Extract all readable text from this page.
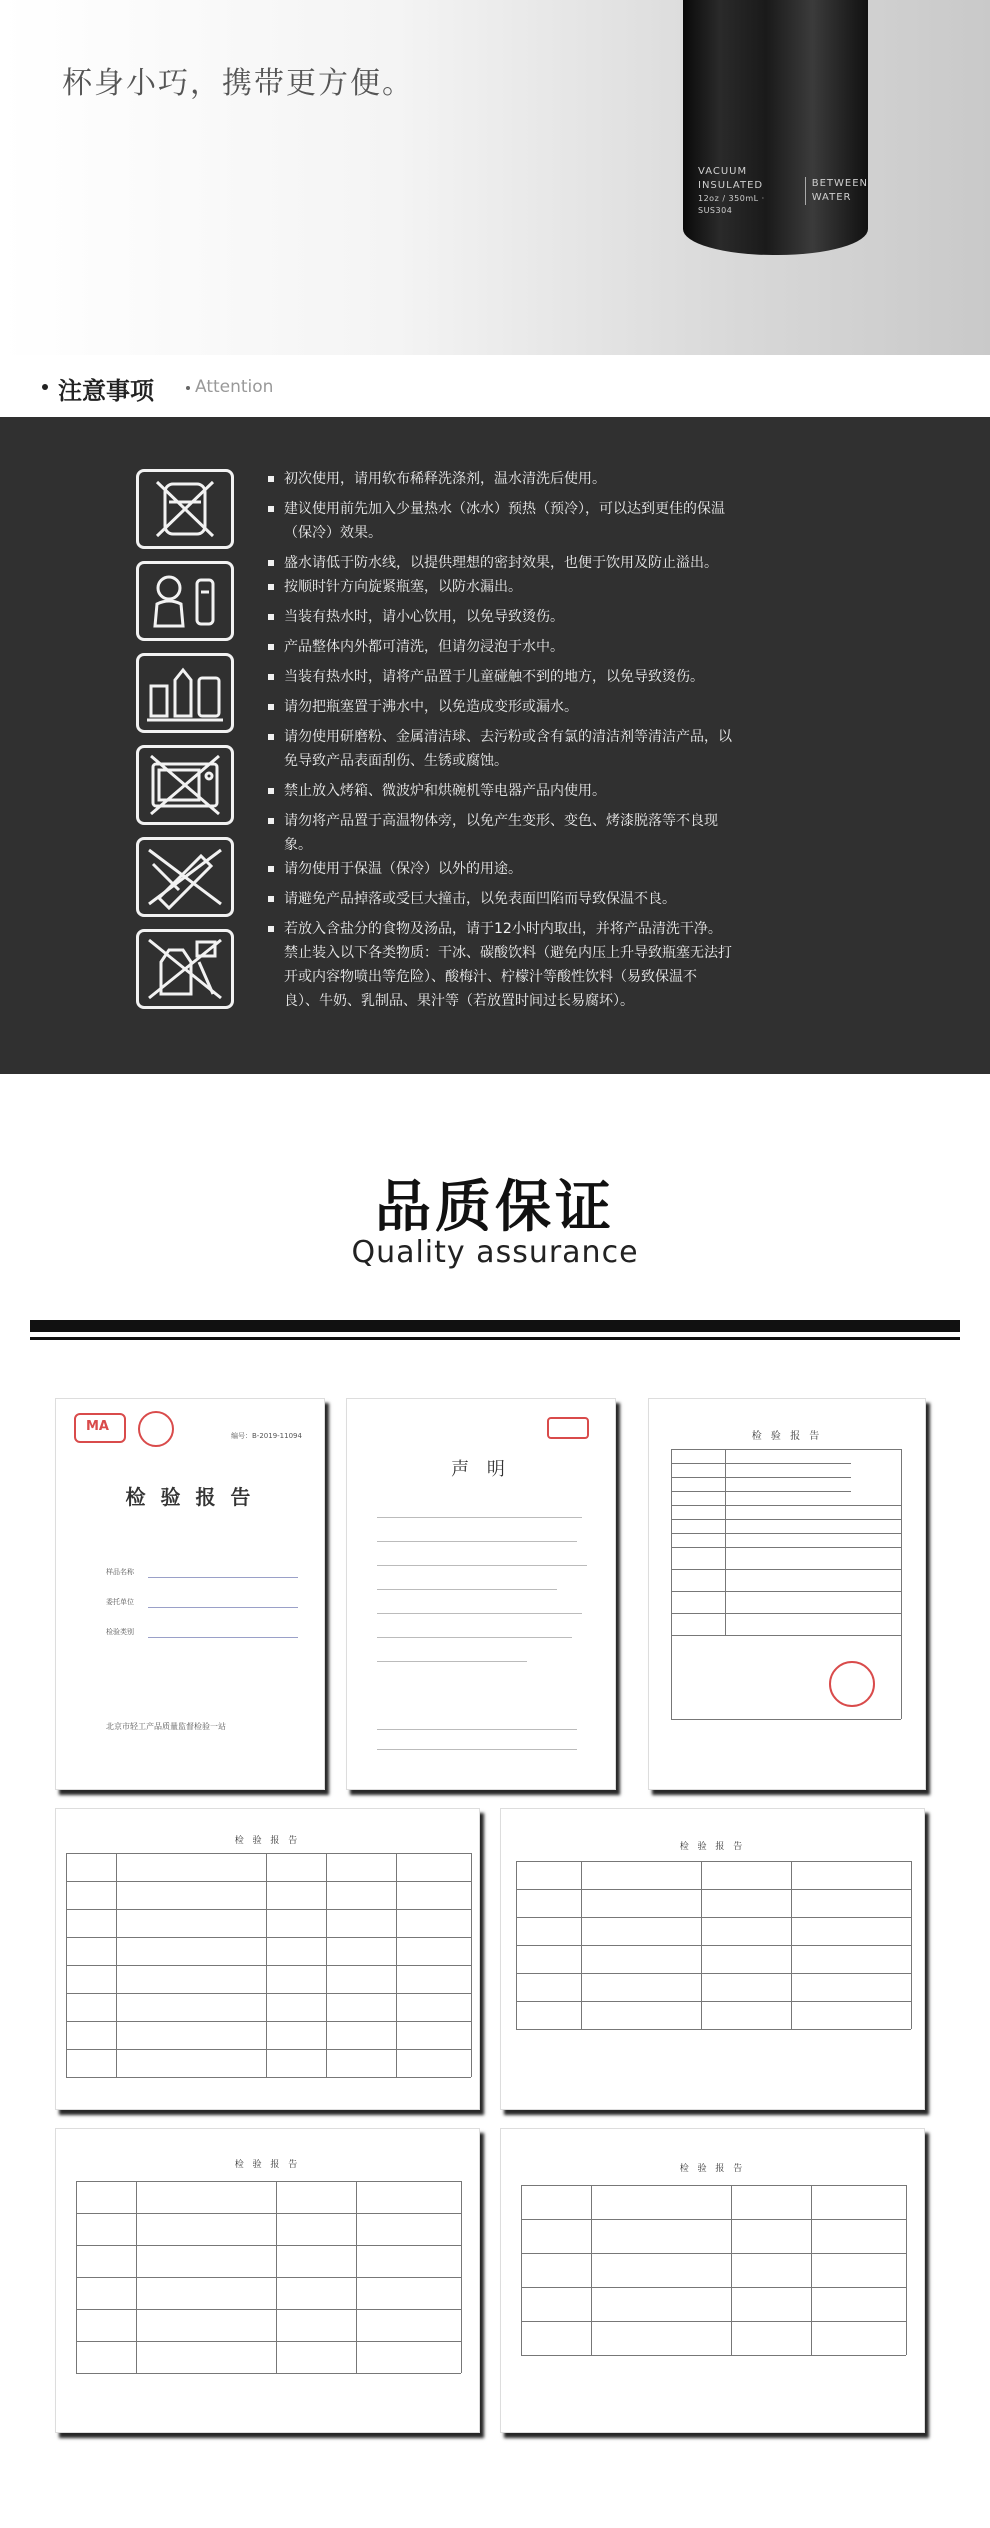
杯身小巧，携带更方便。
VACUUM INSULATED
12oz / 350mL · SUS304
BETWEEN
WATER
注意事项 Attention
初次使用，请用软布稀释洗涤剂，温水清洗后使用。
建议使用前先加入少量热水（冰水）预热（预冷），可以达到更佳的保温
（保冷）效果。
盛水请低于防水线，以提供理想的密封效果，也便于饮用及防止溢出。
按顺时针方向旋紧瓶塞，以防水漏出。
当装有热水时，请小心饮用，以免导致烫伤。
产品整体内外都可清洗，但请勿浸泡于水中。
当装有热水时，请将产品置于儿童碰触不到的地方，以免导致烫伤。
请勿把瓶塞置于沸水中，以免造成变形或漏水。
请勿使用研磨粉、金属清洁球、去污粉或含有氯的清洁剂等清洁产品，以
免导致产品表面刮伤、生锈或腐蚀。
禁止放入烤箱、微波炉和烘碗机等电器产品内使用。
请勿将产品置于高温物体旁，以免产生变形、变色、烤漆脱落等不良现
象。
请勿使用于保温（保冷）以外的用途。
请避免产品掉落或受巨大撞击，以免表面凹陷而导致保温不良。
若放入含盐分的食物及汤品，请于12小时内取出，并将产品清洗干净。
禁止装入以下各类物质：干冰、碳酸饮料（避免内压上升导致瓶塞无法打
开或内容物喷出等危险）、酸梅汁、柠檬汁等酸性饮料（易致保温不
良）、牛奶、乳制品、果汁等（若放置时间过长易腐坏）。
品质保证
Quality assurance
MA
编号：B-2019-11094
检 验 报 告
样品名称
委托单位
检验类别
北京市轻工产品质量监督检验一站
声 明
检 验 报 告
检 验 报 告
检 验 报 告
检 验 报 告	检 验 报 告
